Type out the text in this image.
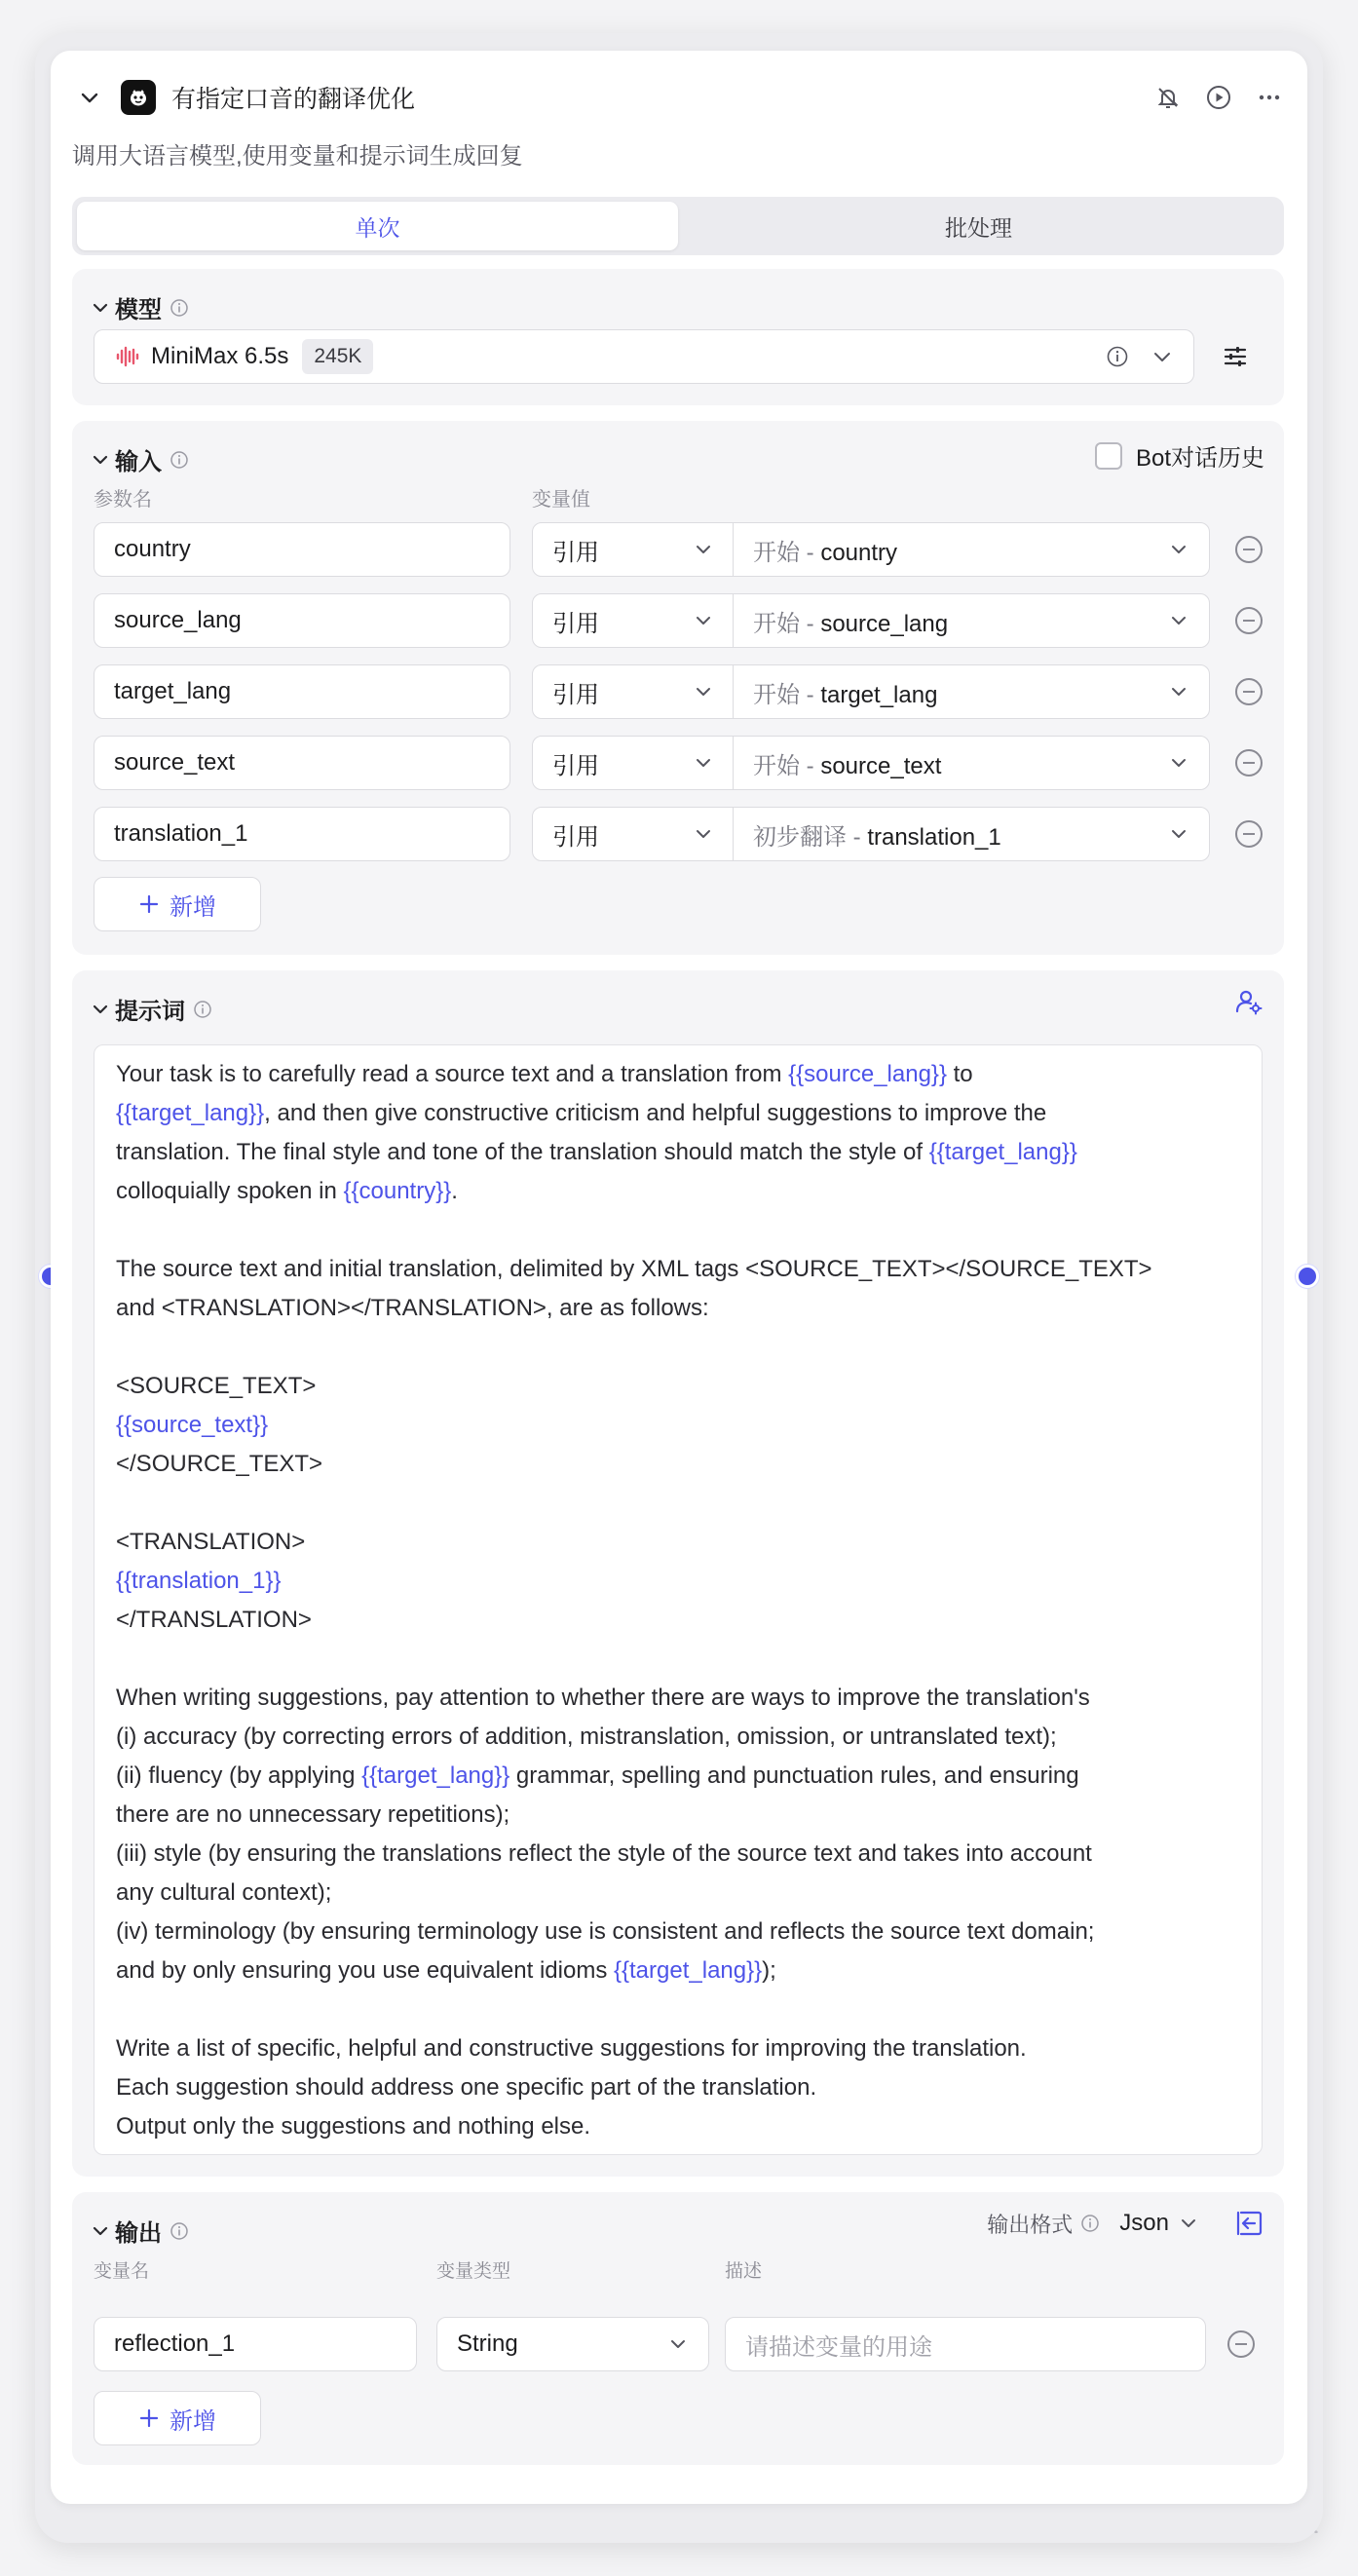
有指定口音的翻译优化
调用大语言模型,使用变量和提示词生成回复
单次	批处理
模型
MiniMax 6.5s	245K
输入	Bot对话历史
参数名	变量值
country	引用	开始 - country
source_lang	引用	开始 - source_lang
target_lang	引用	开始 - target_lang
source_text	引用	开始 - source_text
translation_1	引用	初步翻译 - translation_1
新增
提示词
Your task is to carefully read a source text and a translation from {{source_lang}} to
{{target_lang}}, and then give constructive criticism and helpful suggestions to improve the
translation. The final style and tone of the translation should match the style of {{target_lang}}
colloquially spoken in {{country}}.

The source text and initial translation, delimited by XML tags <SOURCE_TEXT></SOURCE_TEXT>
and <TRANSLATION></TRANSLATION>, are as follows:

<SOURCE_TEXT>
{{source_text}}
</SOURCE_TEXT>

<TRANSLATION>
{{translation_1}}
</TRANSLATION>

When writing suggestions, pay attention to whether there are ways to improve the translation's
(i) accuracy (by correcting errors of addition, mistranslation, omission, or untranslated text);
(ii) fluency (by applying {{target_lang}} grammar, spelling and punctuation rules, and ensuring
there are no unnecessary repetitions);
(iii) style (by ensuring the translations reflect the style of the source text and takes into account
any cultural context);
(iv) terminology (by ensuring terminology use is consistent and reflects the source text domain;
and by only ensuring you use equivalent idioms {{target_lang}});

Write a list of specific, helpful and constructive suggestions for improving the translation.
Each suggestion should address one specific part of the translation.
Output only the suggestions and nothing else.
输出	输出格式 Json
变量名	变量类型	描述
reflection_1	String	请描述变量的用途
新增
